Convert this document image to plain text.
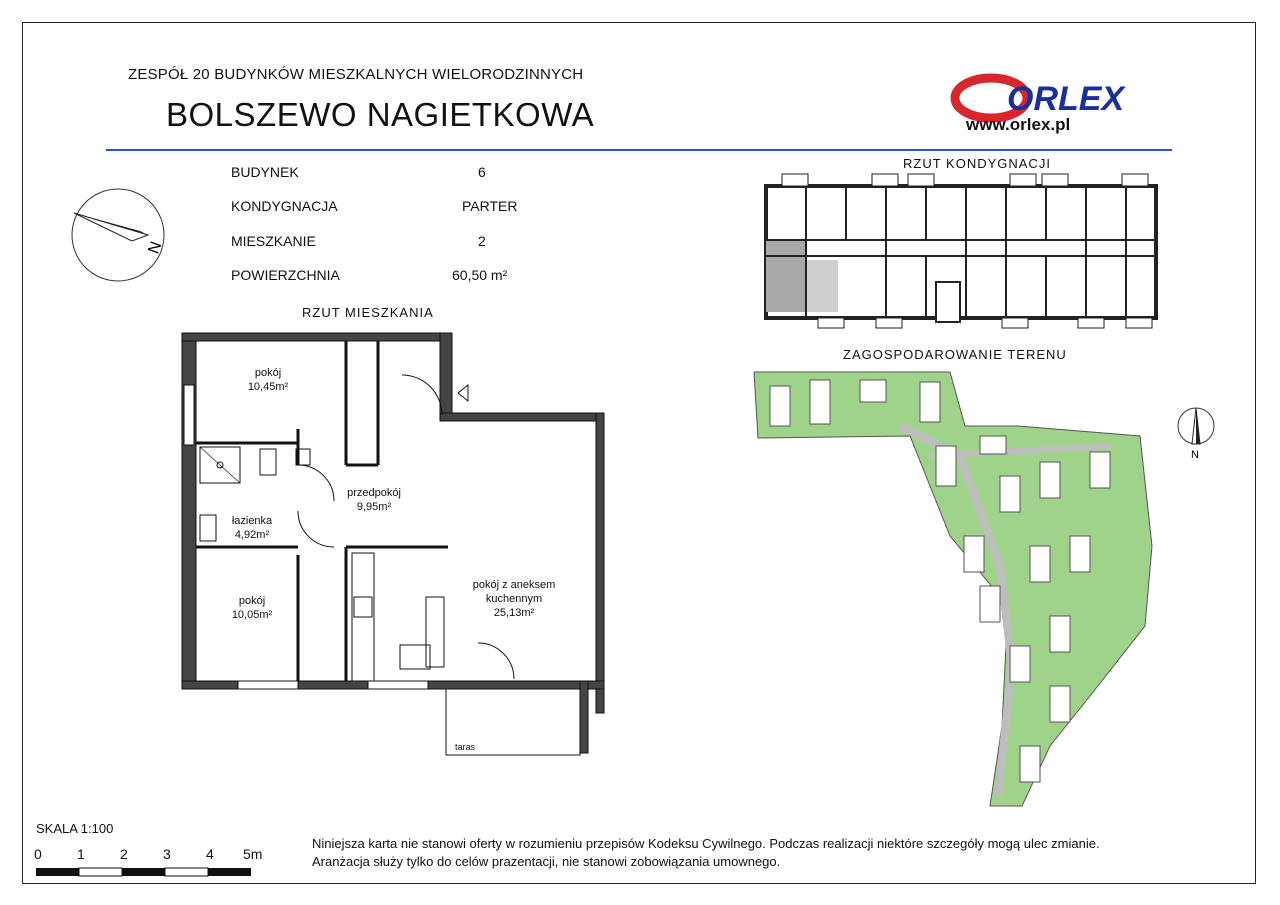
ZESPÓŁ 20 BUDYNKÓW MIESZKALNYCH WIELORODZINNYCH
BOLSZEWO NAGIETKOWA	ORLEX
www.orlex.pl
BUDYNEK	6
KONDYGNACJA	PARTER
MIESZKANIE	2
POWIERZCHNIA	60,50 m²
N
RZUT MIESZKANIA
pokój
10,45m²
łazienka
4,92m²
przedpokój
9,95m²
pokój
10,05m²
pokój z aneksem
kuchennym
25,13m²
taras
RZUT KONDYGNACJI
ZAGOSPODAROWANIE TERENU
N
SKALA 1:100
0	1	2	3	4 5m
Niniejsza karta nie stanowi oferty w rozumieniu przepisów Kodeksu Cywilnego. Podczas realizacji niektóre szczegóły mogą ulec zmianie.
Aranżacja służy tylko do celów prazentacji, nie stanowi zobowiązania umownego.
